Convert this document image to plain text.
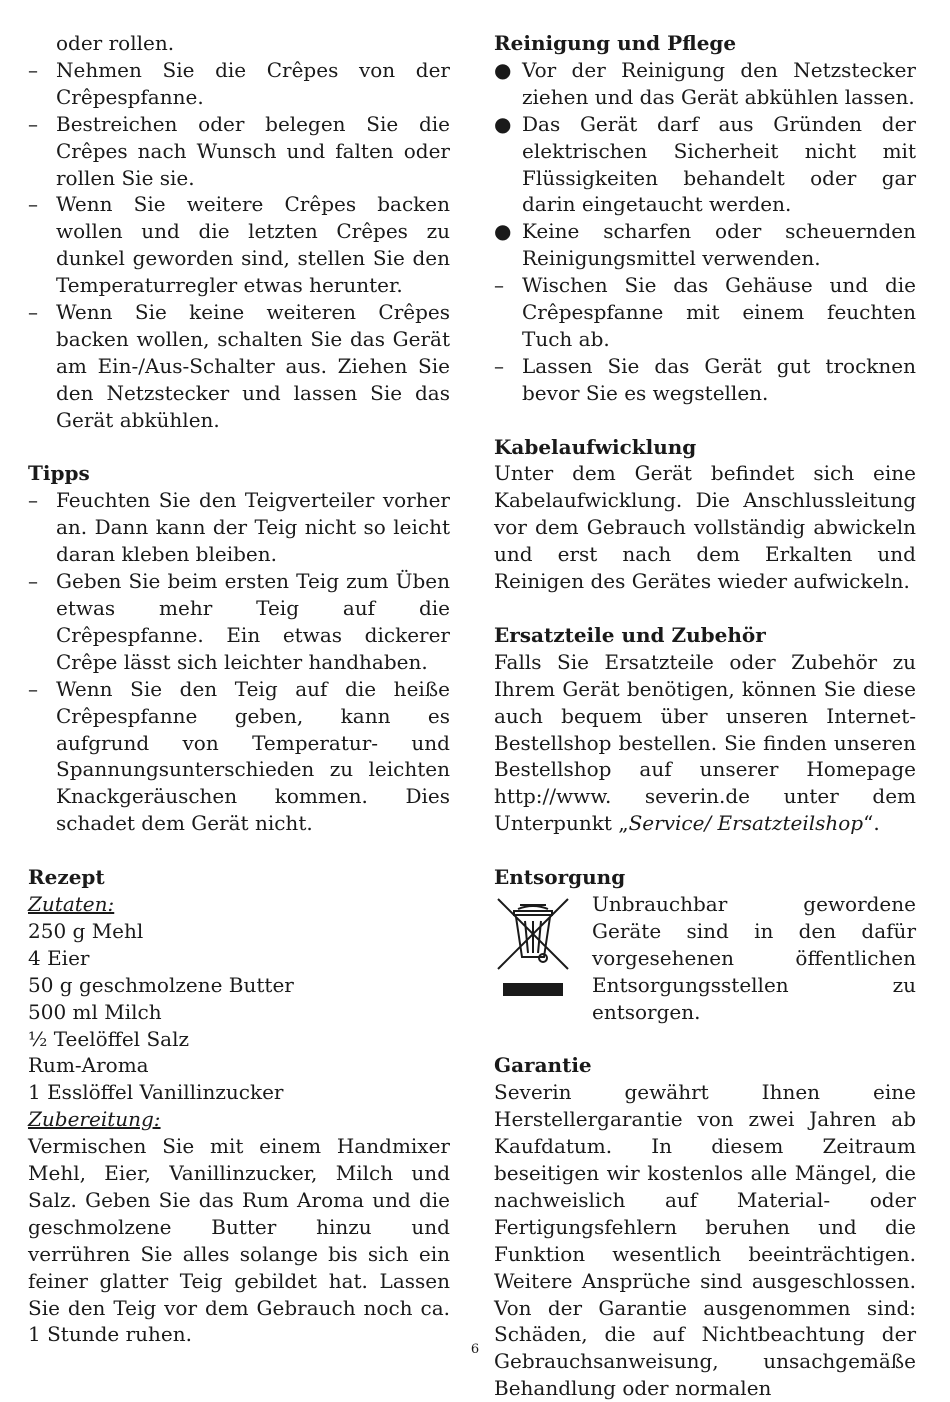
oder rollen.

– Nehmen Sie die Crêpes von der Crêpespfanne.
– Bestreichen oder belegen Sie die Crêpes nach Wunsch und falten oder rollen Sie sie.
– Wenn Sie weitere Crêpes backen wollen und die letzten Crêpes zu dunkel geworden sind, stellen Sie den Temperaturregler etwas herunter.
– Wenn Sie keine weiteren Crêpes backen wollen, schalten Sie das Gerät am Ein-/Aus-Schalter aus. Ziehen Sie den Netzstecker und lassen Sie das Gerät abkühlen.
Tipps
– Feuchten Sie den Teigverteiler vorher an. Dann kann der Teig nicht so leicht daran kleben bleiben.
– Geben Sie beim ersten Teig zum Üben etwas mehr Teig auf die Crêpespfanne. Ein etwas dickerer Crêpe lässt sich leichter handhaben.
– Wenn Sie den Teig auf die heiße Crêpespfanne geben, kann es aufgrund von Temperatur- und Spannungsunterschieden zu leichten Knackgeräuschen kommen. Dies schadet dem Gerät nicht.
Rezept

Zutaten:

250 g Mehl

4 Eier

50 g geschmolzene Butter

500 ml Milch

½ Teelöffel Salz

Rum-Aroma

1 Esslöffel Vanillinzucker

Zubereitung:

Vermischen Sie mit einem Handmixer Mehl, Eier, Vanillinzucker, Milch und Salz. Geben Sie das Rum Aroma und die geschmolzene Butter hinzu und verrühren Sie alles solange bis sich ein feiner glatter Teig gebildet hat. Lassen Sie den Teig vor dem Gebrauch noch ca. 1 Stunde ruhen.

Reinigung und Pflege
● Vor der Reinigung den Netzstecker ziehen und das Gerät abkühlen lassen.
● Das Gerät darf aus Gründen der elektrischen Sicherheit nicht mit Flüssigkeiten behandelt oder gar darin eingetaucht werden.
● Keine scharfen oder scheuernden Reinigungsmittel verwenden.
– Wischen Sie das Gehäuse und die Crêpespfanne mit einem feuchten Tuch ab.
– Lassen Sie das Gerät gut trocknen bevor Sie es wegstellen.
Kabelaufwicklung

Unter dem Gerät befindet sich eine Kabelaufwicklung. Die Anschlussleitung vor dem Gebrauch vollständig abwickeln und erst nach dem Erkalten und Reinigen des Gerätes wieder aufwickeln.

Ersatzteile und Zubehör

Falls Sie Ersatzteile oder Zubehör zu Ihrem Gerät benötigen, können Sie diese auch bequem über unseren Internet-Bestellshop bestellen. Sie finden unseren Bestellshop auf unserer Homepage http://www. severin.de unter dem Unterpunkt „Service/ Ersatzteilshop“.

Entsorgung

Unbrauchbar gewordene Geräte sind in den dafür vorgesehenen öffentlichen Entsorgungsstellen zu entsorgen.

Garantie

Severin gewährt Ihnen eine Herstellergarantie von zwei Jahren ab Kaufdatum. In diesem Zeitraum beseitigen wir kostenlos alle Mängel, die nachweislich auf Material- oder Fertigungsfehlern beruhen und die Funktion wesentlich beeinträchtigen. Weitere Ansprüche sind ausgeschlossen. Von der Garantie ausgenommen sind: Schäden, die auf Nichtbeachtung der Gebrauchsanweisung, unsachgemäße Behandlung oder normalen

6
